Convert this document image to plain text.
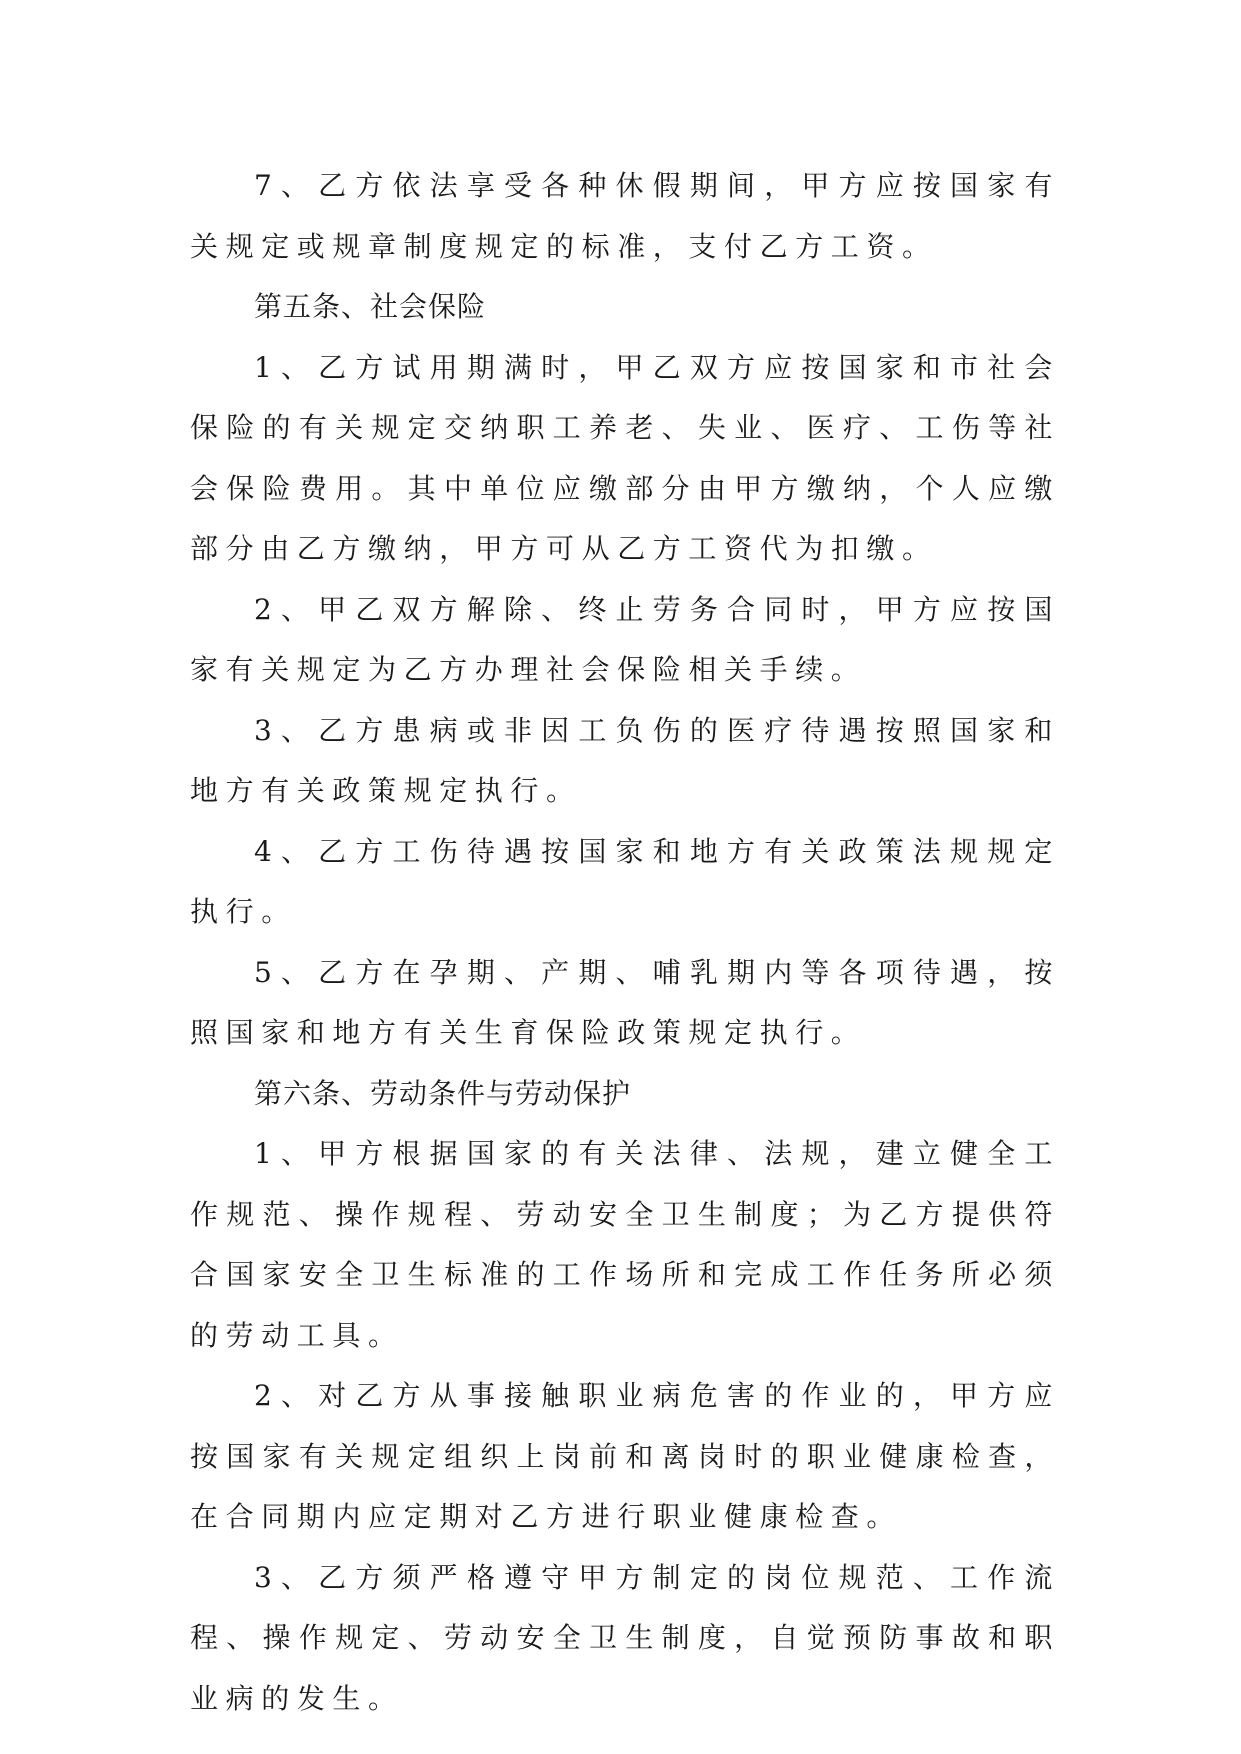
7、乙方依法享受各种休假期间，甲方应按国家有关规定或规章制度规定的标准，支付乙方工资。

第五条、社会保险

1、乙方试用期满时，甲乙双方应按国家和市社会保险的有关规定交纳职工养老、失业、医疗、工伤等社会保险费用。其中单位应缴部分由甲方缴纳，个人应缴部分由乙方缴纳，甲方可从乙方工资代为扣缴。

2、甲乙双方解除、终止劳务合同时，甲方应按国家有关规定为乙方办理社会保险相关手续。

3、乙方患病或非因工负伤的医疗待遇按照国家和地方有关政策规定执行。

4、乙方工伤待遇按国家和地方有关政策法规规定执行。

5、乙方在孕期、产期、哺乳期内等各项待遇，按照国家和地方有关生育保险政策规定执行。

第六条、劳动条件与劳动保护

1、甲方根据国家的有关法律、法规，建立健全工作规范、操作规程、劳动安全卫生制度；为乙方提供符合国家安全卫生标准的工作场所和完成工作任务所必须的劳动工具。

2、对乙方从事接触职业病危害的作业的，甲方应按国家有关规定组织上岗前和离岗时的职业健康检查，在合同期内应定期对乙方进行职业健康检查。

3、乙方须严格遵守甲方制定的岗位规范、工作流程、操作规定、劳动安全卫生制度，自觉预防事故和职业病的发生。
